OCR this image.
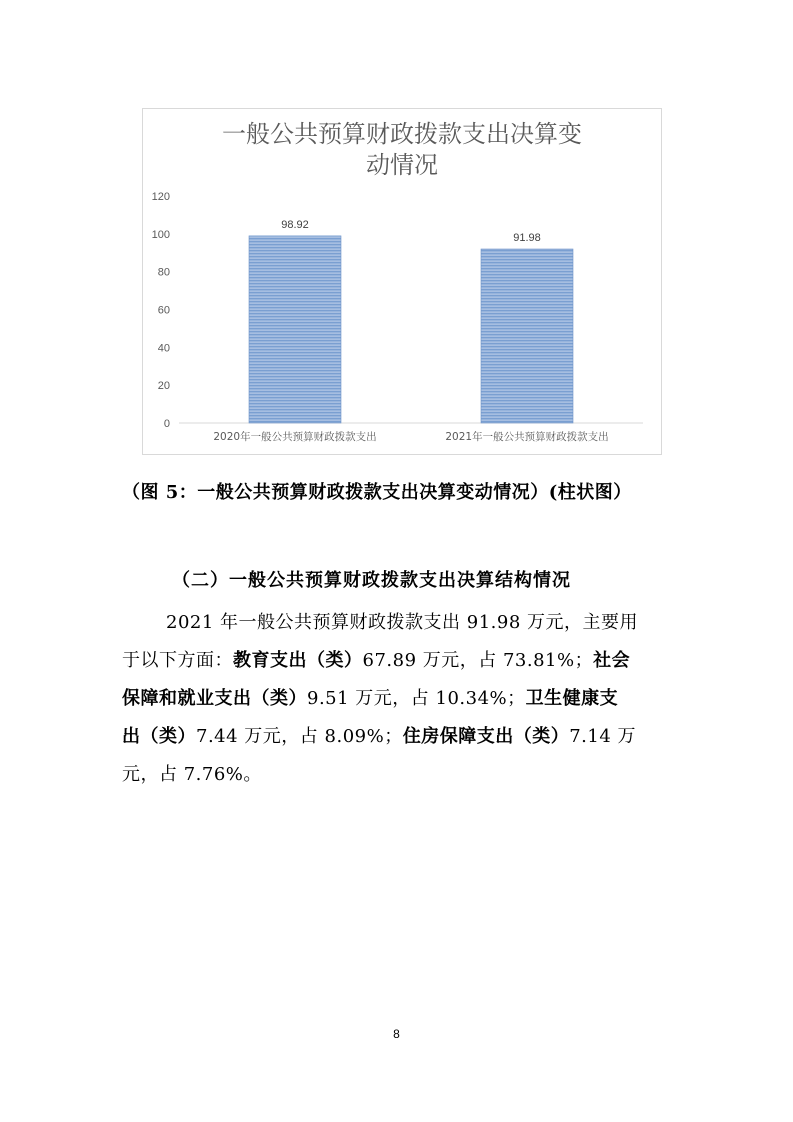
一般公共预算财政拨款支出决算变
动情况
0
20
40
60
80
100
120
98.92
2020年一般公共预算财政拨款支出
91.98
2021年一般公共预算财政拨款支出
（图 5：一般公共预算财政拨款支出决算变动情况）(柱状图）
（二）一般公共预算财政拨款支出决算结构情况
2021 年一般公共预算财政拨款支出 91.98 万元，主要用
于以下方面：教育支出（类）67.89 万元，占 73.81%；社会
保障和就业支出（类）9.51 万元，占 10.34%；卫生健康支
出（类）7.44 万元，占 8.09%；住房保障支出（类）7.14 万
元，占 7.76%。
8
